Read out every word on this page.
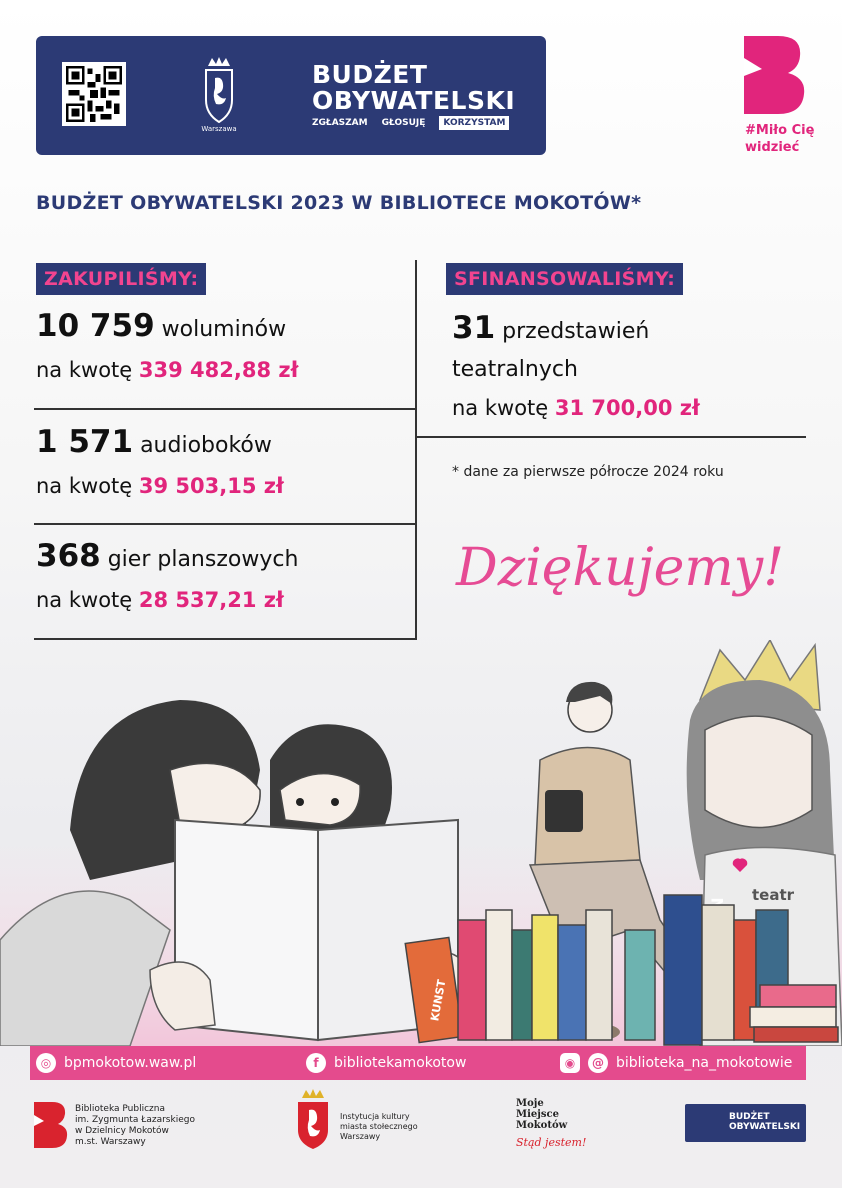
Warszawa
BUDŻET
OBYWATELSKI
ZGŁASZAM GŁOSUJĘ	KORZYSTAM	#Miło Cię
widzieć
BUDŻET OBYWATELSKI 2023 W BIBLIOTECE MOKOTÓW*
ZAKUPILIŚMY:	SFINANSOWALIŚMY:
10 759 woluminów
na kwotę 339 482,88 zł
1 571 audioboków
na kwotę 39 503,15 zł
368 gier planszowych
na kwotę 28 537,21 zł
31 przedstawień
teatralnych
na kwotę 31 700,00 zł
* dane za pierwsze półrocze 2024 roku
Dziękujemy!
teatr
KUNST
◎ bpmokotow.waw.pl	f	bibliotekamokotow	◉	@ biblioteka_na_mokotowie
Biblioteka Publiczna
im. Zygmunta Łazarskiego
w Dzielnicy Mokotów
m.st. Warszawy
Instytucja kultury
miasta stołecznego
Warszawy
Moje
Miejsce
Mokotów
Stąd jestem!
BUDŻET
OBYWATELSKI
